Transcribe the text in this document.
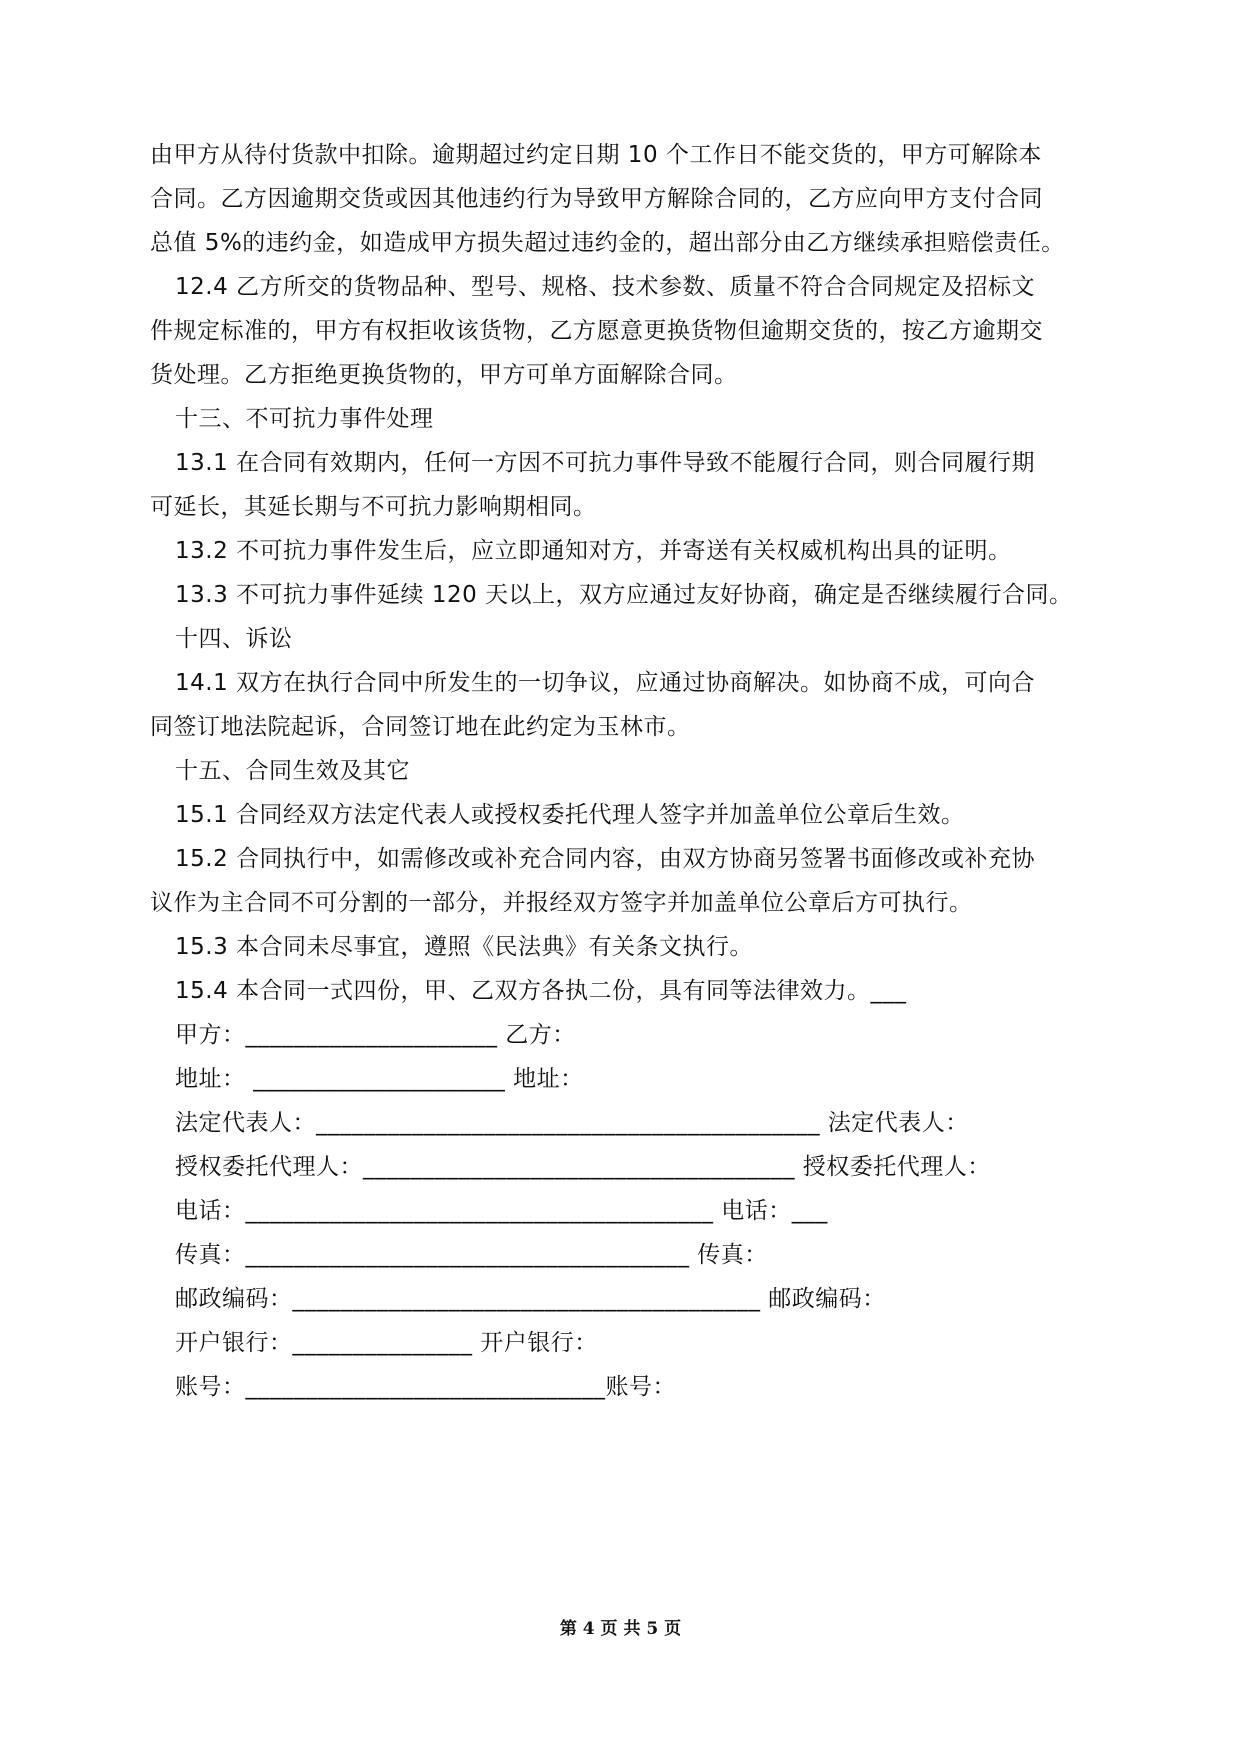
由甲方从待付货款中扣除。逾期超过约定日期 10 个工作日不能交货的，甲方可解除本
合同。乙方因逾期交货或因其他违约行为导致甲方解除合同的，乙方应向甲方支付合同
总值 5%的违约金，如造成甲方损失超过违约金的，超出部分由乙方继续承担赔偿责任。
12.4 乙方所交的货物品种、型号、规格、技术参数、质量不符合合同规定及招标文
件规定标准的，甲方有权拒收该货物，乙方愿意更换货物但逾期交货的，按乙方逾期交
货处理。乙方拒绝更换货物的，甲方可单方面解除合同。
十三、不可抗力事件处理
13.1 在合同有效期内，任何一方因不可抗力事件导致不能履行合同，则合同履行期
可延长，其延长期与不可抗力影响期相同。
13.2 不可抗力事件发生后，应立即通知对方，并寄送有关权威机构出具的证明。
13.3 不可抗力事件延续 120 天以上，双方应通过友好协商，确定是否继续履行合同。
十四、诉讼
14.1 双方在执行合同中所发生的一切争议，应通过协商解决。如协商不成，可向合
同签订地法院起诉，合同签订地在此约定为玉林市。
十五、合同生效及其它
15.1 合同经双方法定代表人或授权委托代理人签字并加盖单位公章后生效。
15.2 合同执行中，如需修改或补充合同内容，由双方协商另签署书面修改或补充协
议作为主合同不可分割的一部分，并报经双方签字并加盖单位公章后方可执行。
15.3 本合同未尽事宜，遵照《民法典》有关条文执行。
15.4 本合同一式四份，甲、乙双方各执二份，具有同等法律效力。___
甲方：_____________________ 乙方：
地址： _____________________ 地址：
法定代表人：__________________________________________ 法定代表人：
授权委托代理人：____________________________________ 授权委托代理人：
电话：_______________________________________ 电话：___
传真：_____________________________________ 传真：
邮政编码：_______________________________________ 邮政编码：
开户银行：_______________ 开户银行：
账号：______________________________账号：
第 4 页 共 5 页
